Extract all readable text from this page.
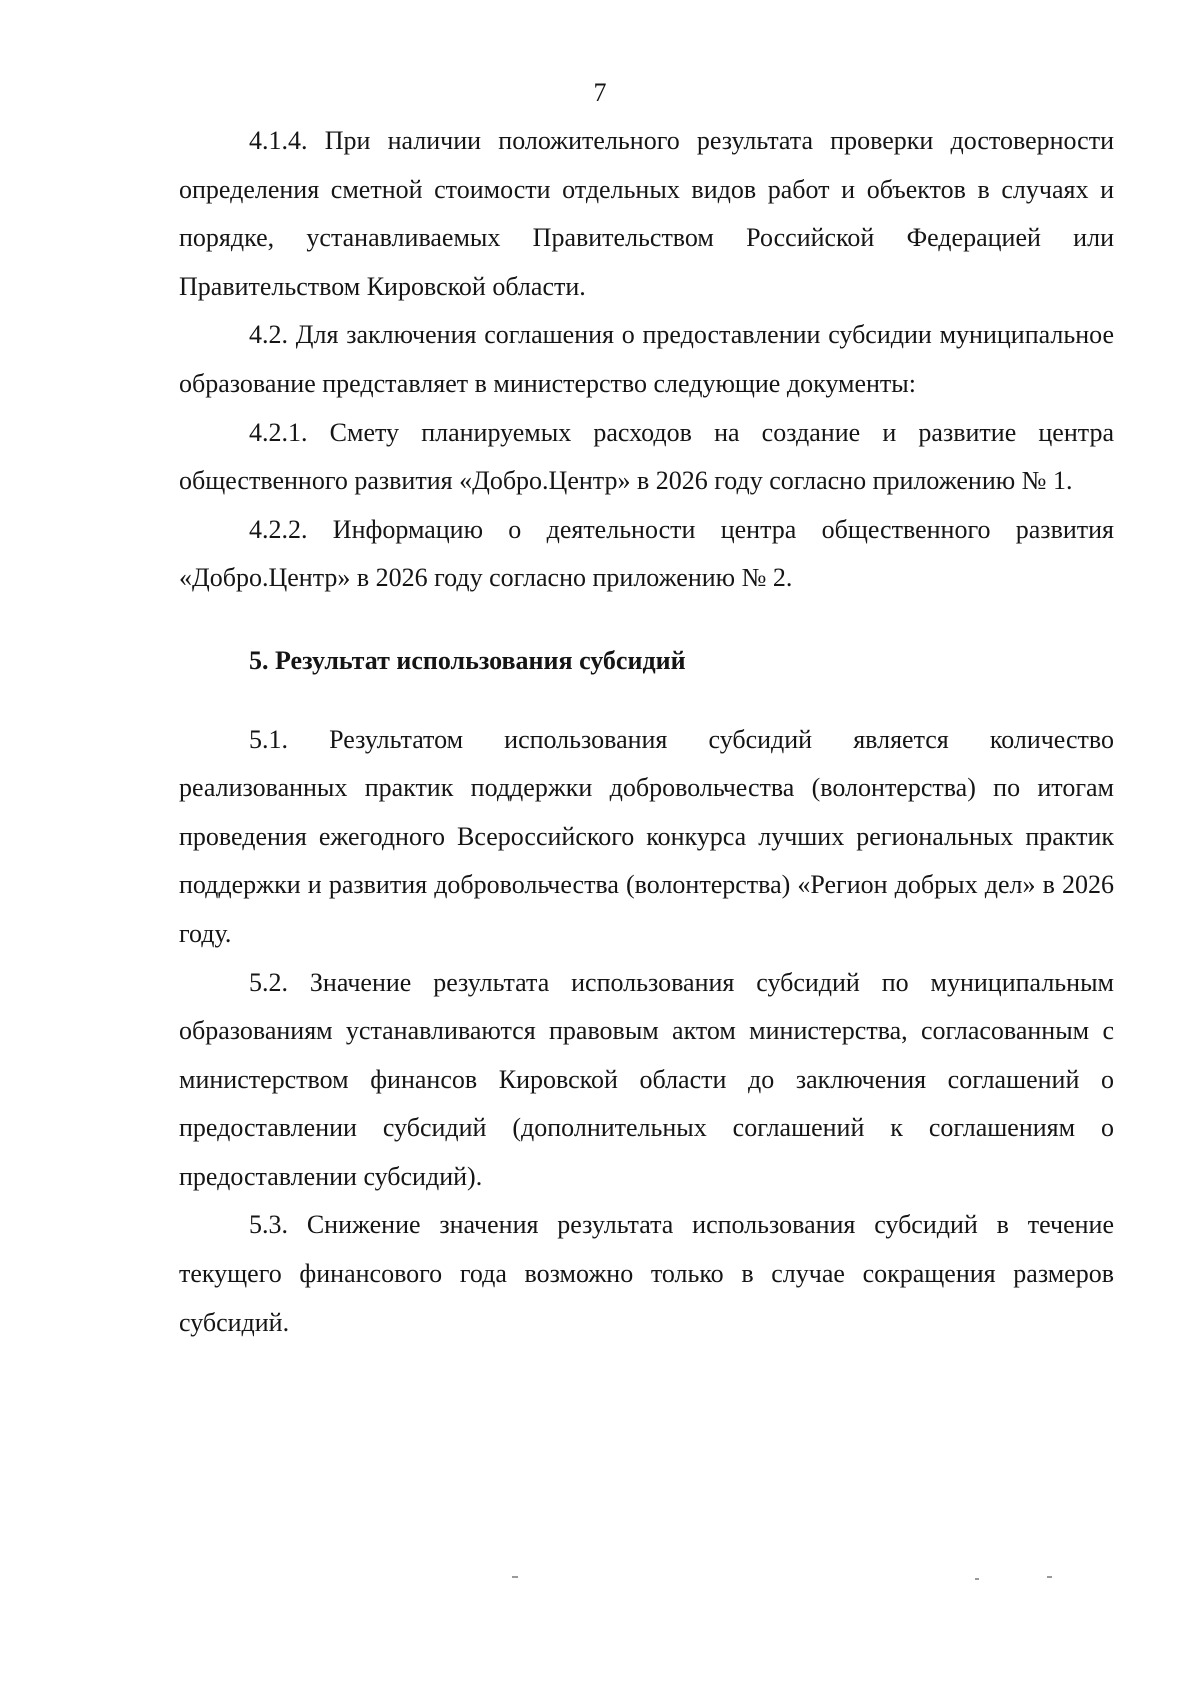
7

4.1.4. При наличии положительного результата проверки достоверности определения сметной стоимости отдельных видов работ и объектов в случаях и порядке, устанавливаемых Правительством Российской Федерацией или Правительством Кировской области.

4.2. Для заключения соглашения о предоставлении субсидии муниципальное образование представляет в министерство следующие документы:

4.2.1. Смету планируемых расходов на создание и развитие центра общественного развития «Добро.Центр» в 2026 году согласно приложению № 1.

4.2.2. Информацию о деятельности центра общественного развития «Добро.Центр» в 2026 году согласно приложению № 2.

5. Результат использования субсидий

5.1. Результатом использования субсидий является количество реализованных практик поддержки добровольчества (волонтерства) по итогам проведения ежегодного Всероссийского конкурса лучших региональных практик поддержки и развития добровольчества (волонтерства) «Регион добрых дел» в 2026 году.

5.2. Значение результата использования субсидий по муниципальным образованиям устанавливаются правовым актом министерства, согласованным с министерством финансов Кировской области до заключения соглашений о предоставлении субсидий (дополнительных соглашений к соглашениям о предоставлении субсидий).

5.3. Снижение значения результата использования субсидий в течение текущего финансового года возможно только в случае сокращения размеров субсидий.
